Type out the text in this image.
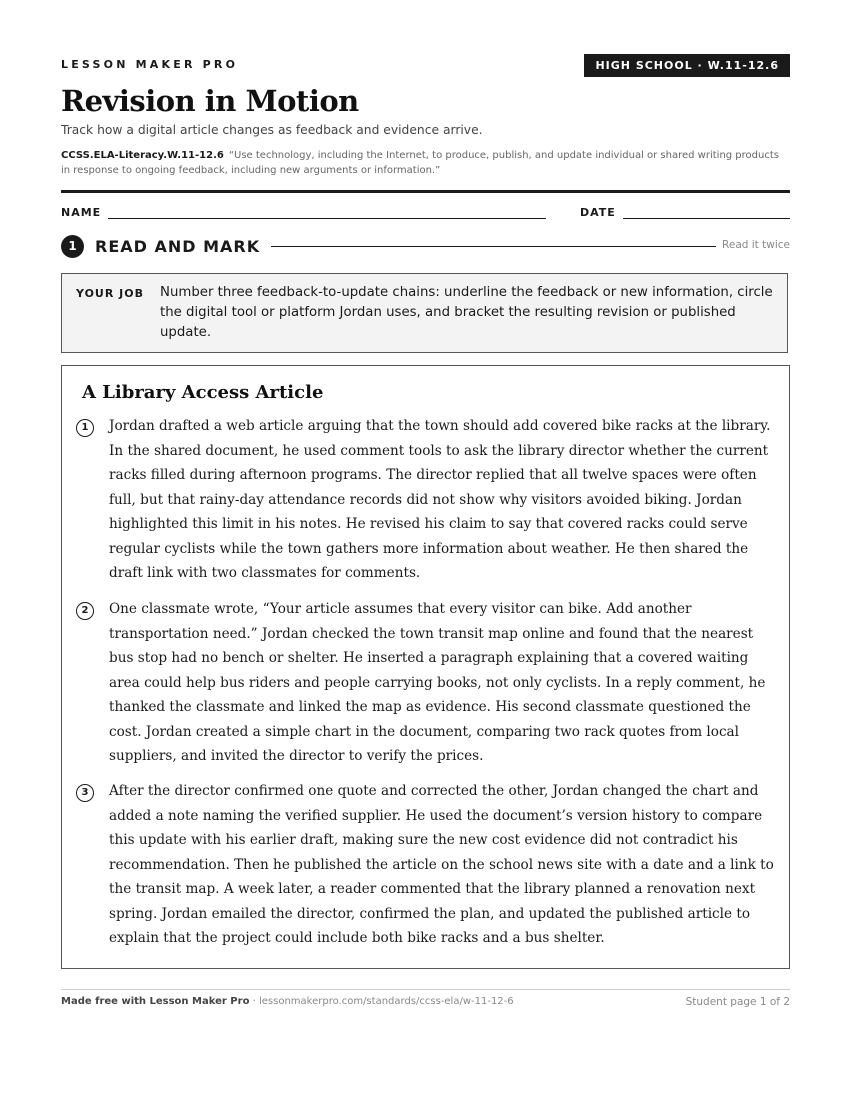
LESSON MAKER PRO	HIGH SCHOOL · W.11-12.6
Revision in Motion
Track how a digital article changes as feedback and evidence arrive.
CCSS.ELA-Literacy.W.11-12.6 “Use technology, including the Internet, to produce, publish, and update individual or shared writing products in response to ongoing feedback, including new arguments or information.”
NAME	DATE
1	READ AND MARK	Read it twice
YOUR JOB Number three feedback-to-update chains: underline the feedback or new information, circle the digital tool or platform Jordan uses, and bracket the resulting revision or published update.
A Library Access Article
1	Jordan drafted a web article arguing that the town should add covered bike racks at the library. In the shared document, he used comment tools to ask the library director whether the current racks filled during afternoon programs. The director replied that all twelve spaces were often full, but that rainy-day attendance records did not show why visitors avoided biking. Jordan highlighted this limit in his notes. He revised his claim to say that covered racks could serve regular cyclists while the town gathers more information about weather. He then shared the draft link with two classmates for comments.

2	One classmate wrote, “Your article assumes that every visitor can bike. Add another transportation need.” Jordan checked the town transit map online and found that the nearest bus stop had no bench or shelter. He inserted a paragraph explaining that a covered waiting area could help bus riders and people carrying books, not only cyclists. In a reply comment, he thanked the classmate and linked the map as evidence. His second classmate questioned the cost. Jordan created a simple chart in the document, comparing two rack quotes from local suppliers, and invited the director to verify the prices.

3	After the director confirmed one quote and corrected the other, Jordan changed the chart and added a note naming the verified supplier. He used the document’s version history to compare this update with his earlier draft, making sure the new cost evidence did not contradict his recommendation. Then he published the article on the school news site with a date and a link to the transit map. A week later, a reader commented that the library planned a renovation next spring. Jordan emailed the director, confirmed the plan, and updated the published article to explain that the project could include both bike racks and a bus shelter.

Made free with Lesson Maker Pro · lessonmakerpro.com/standards/ccss-ela/w-11-12-6	Student page 1 of 2
